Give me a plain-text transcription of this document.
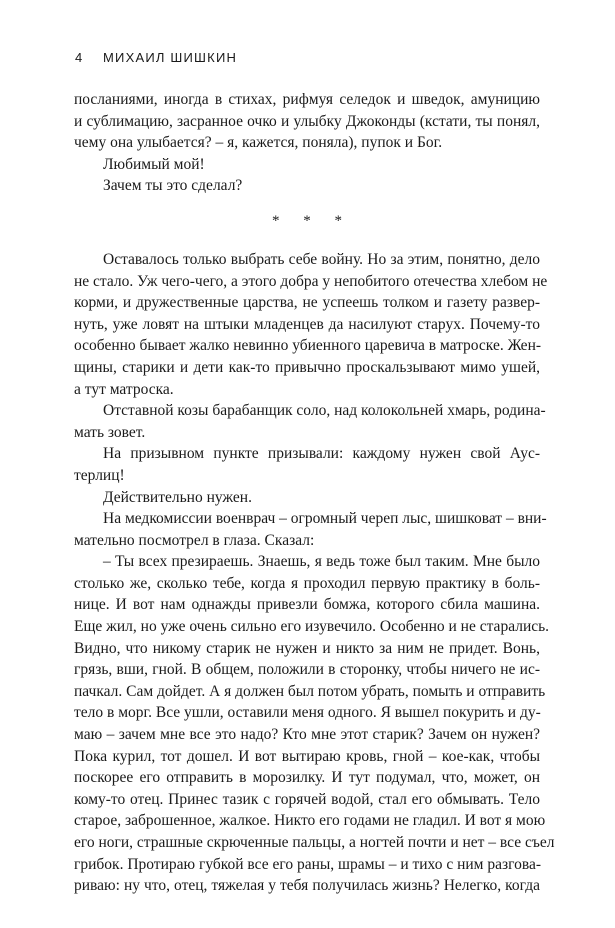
4 МИХАИЛ ШИШКИН

посланиями, иногда в стихах, рифмуя селедок и шведок, амуницию
и сублимацию, засранное очко и улыбку Джоконды (кстати, ты понял,
чему она улыбается? – я, кажется, поняла), пупок и Бог.

Любимый мой!

Зачем ты это сделал?

* * *

Оставалось только выбрать себе войну. Но за этим, понятно, дело
не стало. Уж чего-чего, а этого добра у непобитого отечества хлебом не
корми, и дружественные царства, не успеешь толком и газету развер-
нуть, уже ловят на штыки младенцев да насилуют старух. Почему-то
особенно бывает жалко невинно убиенного царевича в матроске. Жен-
щины, старики и дети как-то привычно проскальзывают мимо ушей,
а тут матроска.

Отставной козы барабанщик соло, над колокольней хмарь, родина-
мать зовет.

На призывном пункте призывали: каждому нужен свой Аус-
терлиц!

Действительно нужен.

На медкомиссии военврач – огромный череп лыс, шишковат – вни-
мательно посмотрел в глаза. Сказал:

– Ты всех презираешь. Знаешь, я ведь тоже был таким. Мне было
столько же, сколько тебе, когда я проходил первую практику в боль-
нице. И вот нам однажды привезли бомжа, которого сбила машина.
Еще жил, но уже очень сильно его изувечило. Особенно и не старались.
Видно, что никому старик не нужен и никто за ним не придет. Вонь,
грязь, вши, гной. В общем, положили в сторонку, чтобы ничего не ис-
пачкал. Сам дойдет. А я должен был потом убрать, помыть и отправить
тело в морг. Все ушли, оставили меня одного. Я вышел покурить и ду-
маю – зачем мне все это надо? Кто мне этот старик? Зачем он нужен?
Пока курил, тот дошел. И вот вытираю кровь, гной – кое-как, чтобы
поскорее его отправить в морозилку. И тут подумал, что, может, он
кому-то отец. Принес тазик с горячей водой, стал его обмывать. Тело
старое, заброшенное, жалкое. Никто его годами не гладил. И вот я мою
его ноги, страшные скрюченные пальцы, а ногтей почти и нет – все съел
грибок. Протираю губкой все его раны, шрамы – и тихо с ним разгова-
риваю: ну что, отец, тяжелая у тебя получилась жизнь? Нелегко, когда
